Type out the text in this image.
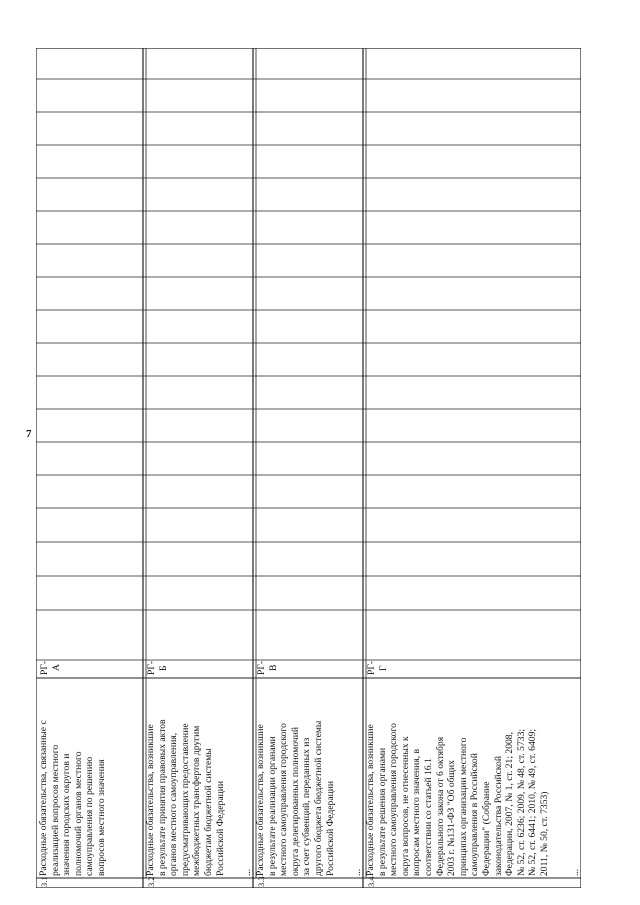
7
3.1
Расходные обязательства, связанные с реализацией вопросов местного значения городских округов и полномочий органов местного самоуправления по решению вопросов местного значения
РГ- А
3.2
Расходные обязательства, возникшие в результате принятия правовых актов органов местного самоуправления, предусматривающих предоставление межбюджетных трансфертов другим бюджетам бюджетной системы Российской Федерации ...
РГ- Б
3.3
Расходные обязательства, возникшие в результате реализации органами местного самоуправления городского округа делегированных полномочий за счет субвенций, переданных из другого бюджета бюджетной системы Российской Федерации ...
РГ- В
3.4
Расходные обязательства, возникшие в результате решения органами местного самоуправления городского округа вопросов, не отнесенных к вопросам местного значения, в соответствии со статьей 16.1 Федерального закона от 6 октября 2003 г. №131-ФЗ "Об общих принципах организации местного самоуправления в Российской Федерации" (Собрание законодательства Российской Федерации, 2007, № 1, ст. 21; 2008, № 52, ст. 6236; 2009, № 48, ст. 5733; № 52, ст. 6441; 2010, № 49, ст. 6409; 2011, № 50, ст. 7353) ...
РГ- Г
